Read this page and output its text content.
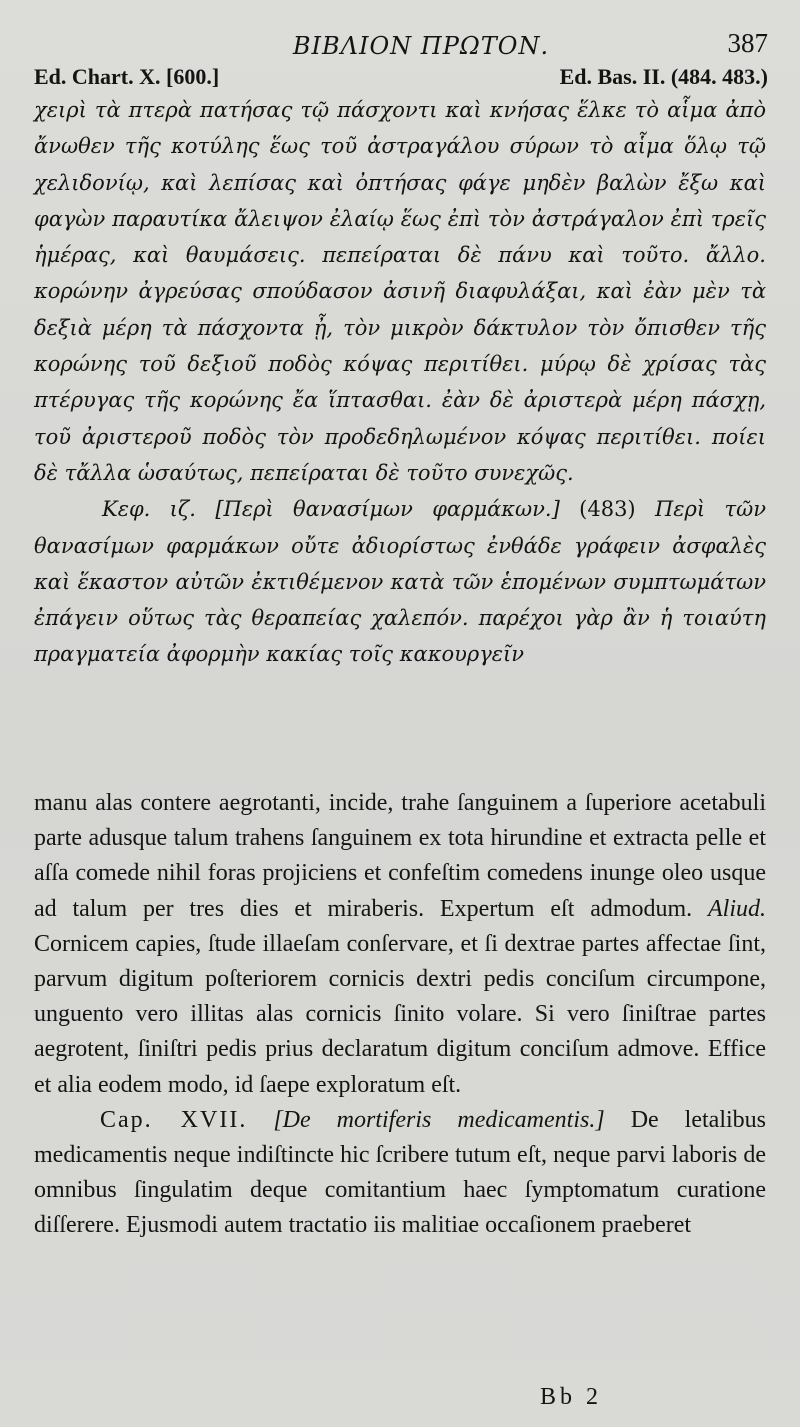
ΒΙΒΛΙΟΝ ΠΡΩΤΟΝ.	387
Ed. Chart. X. [600.]	Ed. Bas. II. (484. 483.)

χειρὶ τὰ πτερὰ πατήσας τῷ πάσχοντι καὶ κνήσας ἕλκε τὸ αἷμα ἀπὸ ἄνωθεν τῆς κοτύλης ἕως τοῦ ἀστραγάλου σύρων τὸ αἷμα ὅλῳ τῷ χελιδονίῳ, καὶ λεπίσας καὶ ὀπτήσας φάγε μηδὲν βαλὼν ἔξω καὶ φαγὼν παραυτίκα ἄλειψον ἐλαίῳ ἕως ἐπὶ τὸν ἀστράγαλον ἐπὶ τρεῖς ἡμέρας, καὶ θαυμάσεις. πεπείραται δὲ πάνυ καὶ τοῦτο. ἄλλο. κορώνην ἀγρεύσας σπούδασον ἀσινῆ διαφυλάξαι, καὶ ἐὰν μὲν τὰ δεξιὰ μέρη τὰ πάσχοντα ᾖ, τὸν μικρὸν δάκτυλον τὸν ὄπισθεν τῆς κορώνης τοῦ δεξιοῦ ποδὸς κόψας περιτίθει. μύρῳ δὲ χρίσας τὰς πτέρυγας τῆς κορώνης ἔα ἵπτασθαι. ἐὰν δὲ ἀριστερὰ μέρη πάσχῃ, τοῦ ἀριστεροῦ ποδὸς τὸν προδεδηλωμένον κόψας περιτίθει. ποίει δὲ τἄλλα ὡσαύτως, πεπείραται δὲ τοῦτο συνεχῶς.

Κεφ. ιζ. [Περὶ θανασίμων φαρμάκων.] (483) Περὶ τῶν θανασίμων φαρμάκων οὔτε ἀδιορίστως ἐνθάδε γράφειν ἀσφαλὲς καὶ ἕκαστον αὐτῶν ἐκτιθέμενον κατὰ τῶν ἑπομένων συμπτωμάτων ἐπάγειν οὕτως τὰς θεραπείας χαλεπόν. παρέχοι γὰρ ἂν ἡ τοιαύτη πραγματεία ἀφορμὴν κακίας τοῖς κακουργεῖν

manu alas contere aegrotanti, incide, trahe ſanguinem a ſuperiore acetabuli parte adusque talum trahens ſanguinem ex tota hirundine et extracta pelle et aſſa comede nihil foras projiciens et confeſtim comedens inunge oleo usque ad talum per tres dies et miraberis. Expertum eſt admodum. Aliud. Cornicem capies, ſtude illaeſam conſervare, et ſi dextrae partes affectae ſint, parvum digitum poſteriorem cornicis dextri pedis conciſum circumpone, unguento vero illitas alas cornicis ſinito volare. Si vero ſiniſtrae partes aegrotent, ſiniſtri pedis prius declaratum digitum conciſum admove. Effice et alia eodem modo, id ſaepe exploratum eſt.

Cap. XVII. [De mortiferis medicamentis.] De letalibus medicamentis neque indiſtincte hic ſcribere tutum eſt, neque parvi laboris de omnibus ſingulatim deque comitantium haec ſymptomatum curatione diſſerere. Ejusmodi autem tractatio iis malitiae occaſionem praeberet

Bb 2
